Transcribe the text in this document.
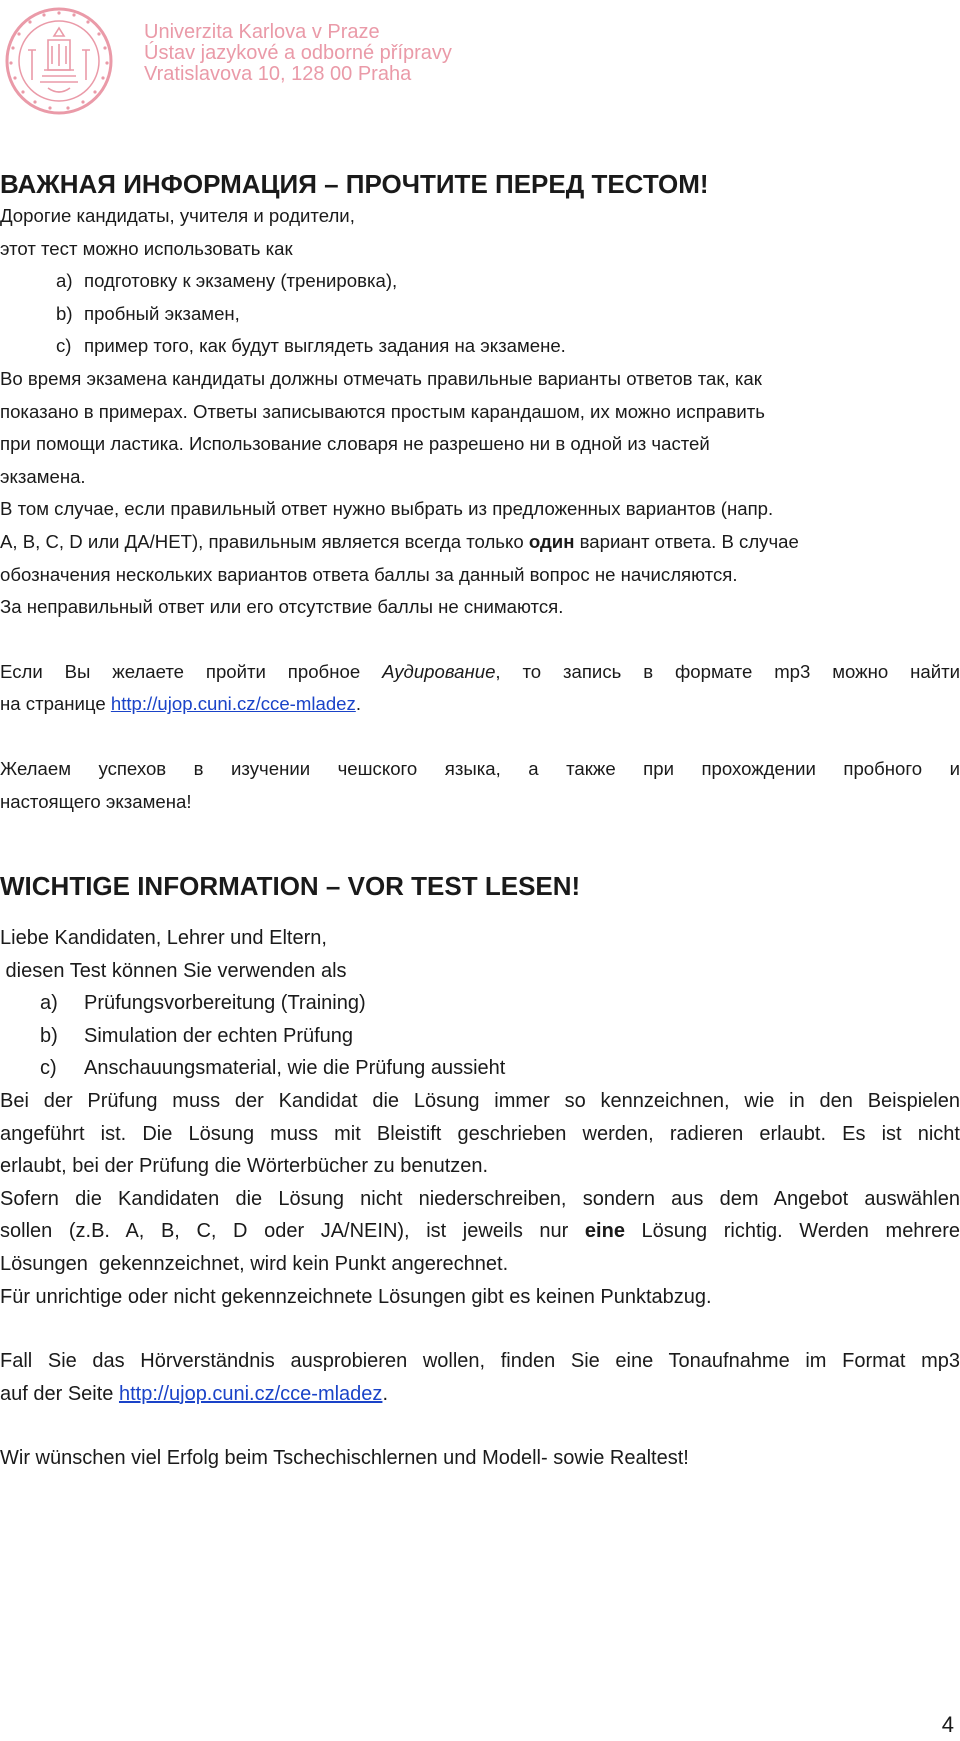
Univerzita Karlova v Praze
Ústav jazykové a odborné přípravy
Vratislavova 10, 128 00 Praha

ВАЖНАЯ ИНФОРМАЦИЯ – ПРОЧТИТЕ ПЕРЕД ТЕСТОМ!

Дорогие кандидаты, учителя и родители,

этот тест можно использовать как

a) подготовку к экзамену (тренировка),

b) пробный экзамен,

c) пример того, как будут выглядеть задания на экзамене.

Во время экзамена кандидаты должны отмечать правильные варианты ответов так, как

показано в примерах. Ответы записываются простым карандашом, их можно исправить

при помощи ластика. Использование словаря не разрешено ни в одной из частей

экзамена.

В том случае, если правильный ответ нужно выбрать из предложенных вариантов (напр.

А, В, С, D или ДА/НЕТ), правильным является всегда только один вариант ответа. В случае

обозначения нескольких вариантов ответа баллы за данный вопрос не начисляются.

За неправильный ответ или его отсутствие баллы не снимаются.

Если Вы желаете пройти пробное Аудирование, то запись в формате mp3 можно найти

на странице http://ujop.cuni.cz/cce-mladez.

Желаем успехов в изучении чешского языка, а также при прохождении пробного и

настоящего экзамена!

WICHTIGE INFORMATION – VOR TEST LESEN!

Liebe Kandidaten, Lehrer und Eltern,

diesen Test können Sie verwenden als

a) Prüfungsvorbereitung (Training)

b) Simulation der echten Prüfung

c) Anschauungsmaterial, wie die Prüfung aussieht

Bei der Prüfung muss der Kandidat die Lösung immer so kennzeichnen, wie in den Beispielen

angeführt ist. Die Lösung muss mit Bleistift geschrieben werden, radieren erlaubt. Es ist nicht

erlaubt, bei der Prüfung die Wörterbücher zu benutzen.

Sofern die Kandidaten die Lösung nicht niederschreiben, sondern aus dem Angebot auswählen

sollen (z.B. A, B, C, D oder JA/NEIN), ist jeweils nur eine Lösung richtig. Werden mehrere

Lösungen  gekennzeichnet, wird kein Punkt angerechnet.

Für unrichtige oder nicht gekennzeichnete Lösungen gibt es keinen Punktabzug.

Fall Sie das Hörverständnis ausprobieren wollen, finden Sie eine Tonaufnahme im Format mp3

auf der Seite http://ujop.cuni.cz/cce-mladez.

Wir wünschen viel Erfolg beim Tschechischlernen und Modell- sowie Realtest!

4
